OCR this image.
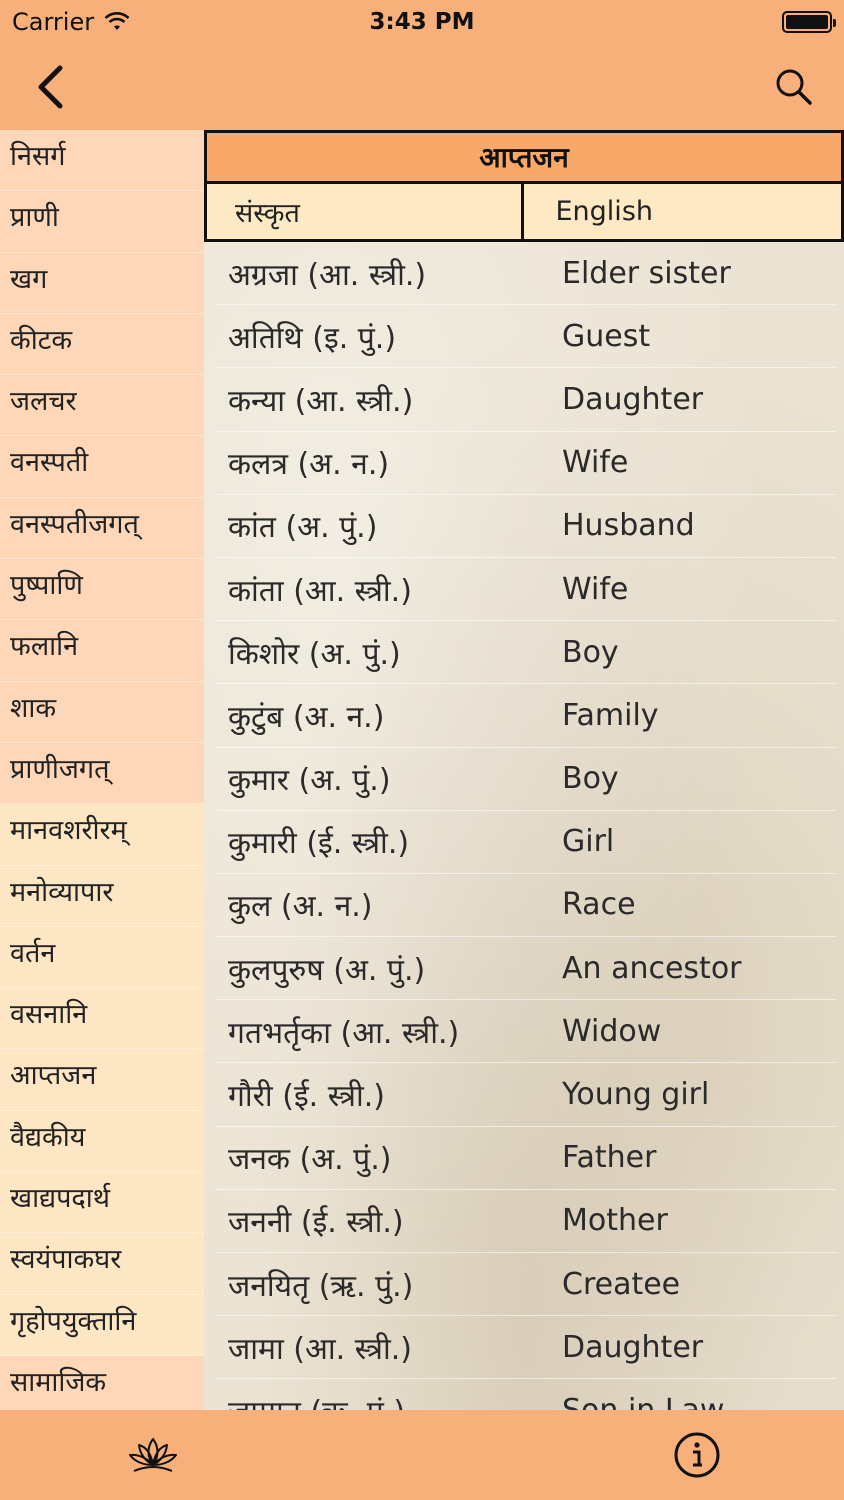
Carrier	3:43 PM
निसर्ग
प्राणी
खग
कीटक
जलचर
वनस्पती
वनस्पतीजगत्
पुष्पाणि
फलानि
शाक
प्राणीजगत्
मानवशरीरम्
मनोव्यापार
वर्तन
वसनानि
आप्तजन
वैद्यकीय
खाद्यपदार्थ
स्वयंपाकघर
गृहोपयुक्तानि
सामाजिक
आप्तजन
संस्कृत	English
अग्रजा (आ. स्त्री.)	Elder sister
अतिथि (इ. पुं.)	Guest
कन्या (आ. स्त्री.)	Daughter
कलत्र (अ. न.)	Wife
कांत (अ. पुं.)	Husband
कांता (आ. स्त्री.)	Wife
किशोर (अ. पुं.)	Boy
कुटुंब (अ. न.)	Family
कुमार (अ. पुं.)	Boy
कुमारी (ई. स्त्री.)	Girl
कुल (अ. न.)	Race
कुलपुरुष (अ. पुं.)	An ancestor
गतभर्तृका (आ. स्त्री.)	Widow
गौरी (ई. स्त्री.)	Young girl
जनक (अ. पुं.)	Father
जननी (ई. स्त्री.)	Mother
जनयितृ (ऋ. पुं.)	Createe
जामा (आ. स्त्री.)	Daughter
